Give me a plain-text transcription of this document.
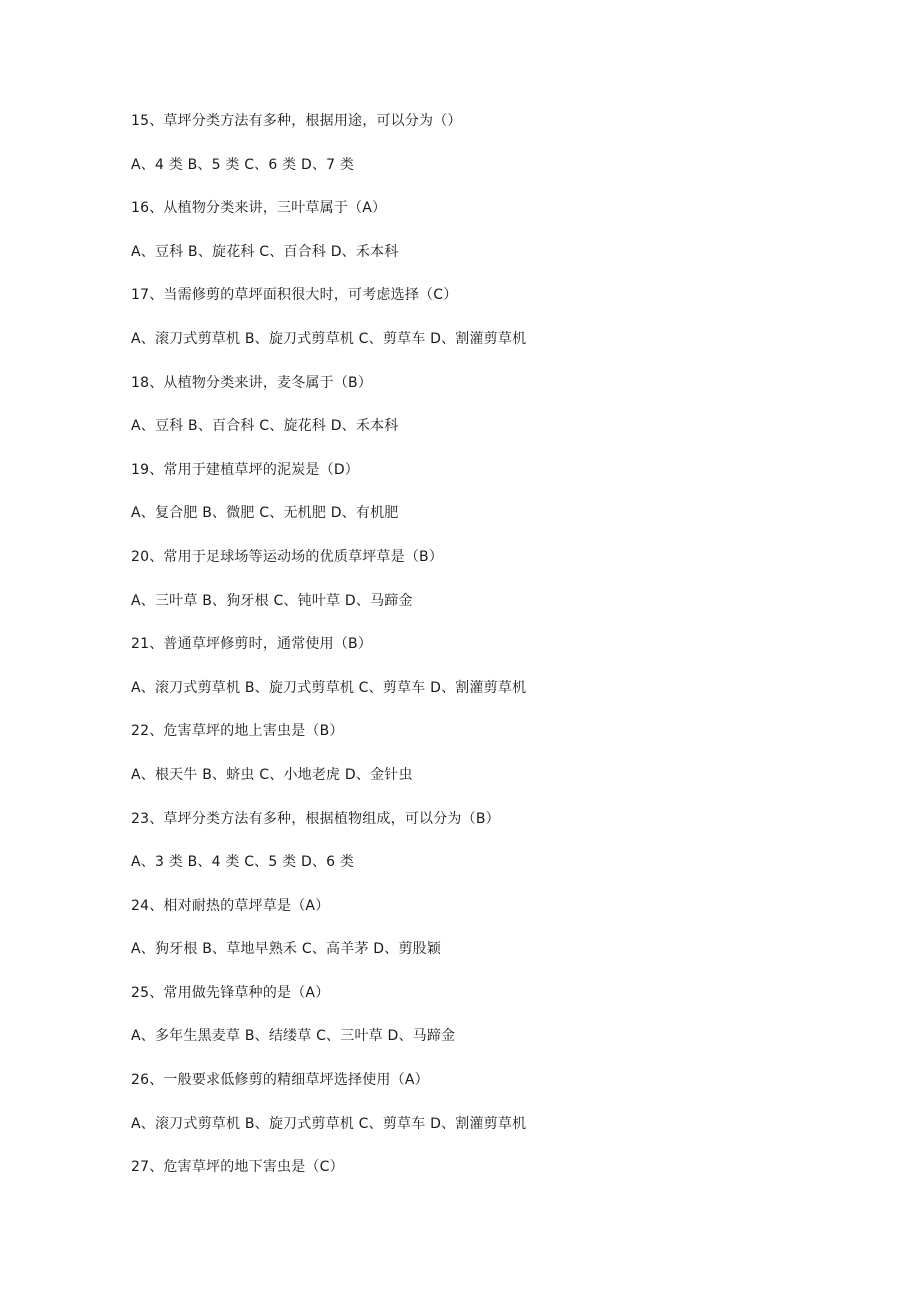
15、草坪分类方法有多种，根据用途，可以分为（）
A、4 类 B、5 类 C、6 类 D、7 类
16、从植物分类来讲，三叶草属于（A）
A、豆科 B、旋花科 C、百合科 D、禾本科
17、当需修剪的草坪面积很大时，可考虑选择（C）
A、滚刀式剪草机 B、旋刀式剪草机 C、剪草车 D、割灌剪草机
18、从植物分类来讲，麦冬属于（B）
A、豆科 B、百合科 C、旋花科 D、禾本科
19、常用于建植草坪的泥炭是（D）
A、复合肥 B、微肥 C、无机肥 D、有机肥
20、常用于足球场等运动场的优质草坪草是（B）
A、三叶草 B、狗牙根 C、钝叶草 D、马蹄金
21、普通草坪修剪时，通常使用（B）
A、滚刀式剪草机 B、旋刀式剪草机 C、剪草车 D、割灌剪草机
22、危害草坪的地上害虫是（B）
A、根天牛 B、蛴虫 C、小地老虎 D、金针虫
23、草坪分类方法有多种，根据植物组成，可以分为（B）
A、3 类 B、4 类 C、5 类 D、6 类
24、相对耐热的草坪草是（A）
A、狗牙根 B、草地早熟禾 C、高羊茅 D、剪股颖
25、常用做先锋草种的是（A）
A、多年生黑麦草 B、结缕草 C、三叶草 D、马蹄金
26、一般要求低修剪的精细草坪选择使用（A）
A、滚刀式剪草机 B、旋刀式剪草机 C、剪草车 D、割灌剪草机
27、危害草坪的地下害虫是（C）
